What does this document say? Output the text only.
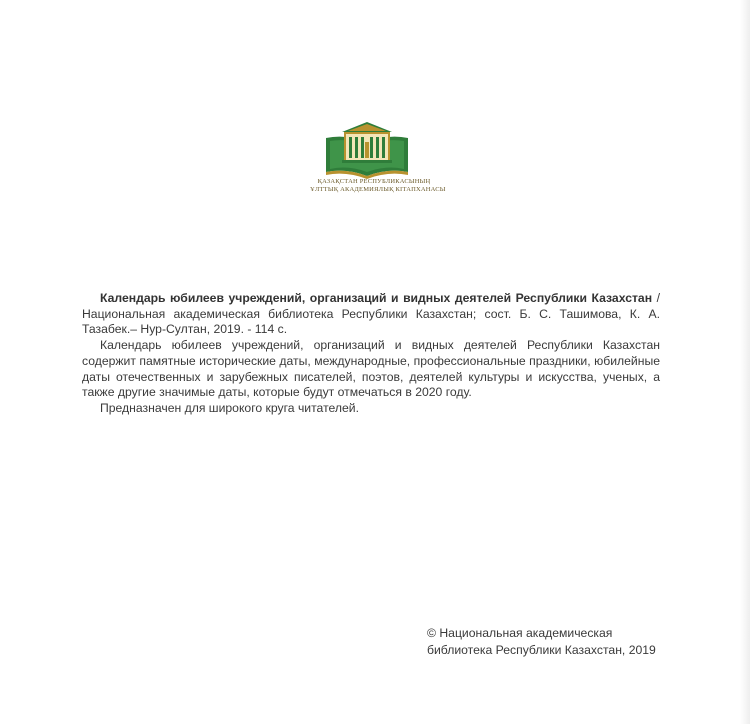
ҚАЗАҚСТАН РЕСПУБЛИКАСЫНЫҢ
ҰЛТТЫҚ АКАДЕМИЯЛЫҚ КІТАПХАНАСЫ

Календарь юбилеев учреждений, организаций и видных деятелей Республики Казахстан / Национальная академическая библиотека Республики Казахстан; сост. Б. С. Ташимова, К. А. Тазабек.– Нур-Султан, 2019. - 114 с.

Календарь юбилеев учреждений, организаций и видных деятелей Республики Казахстан содержит памятные исторические даты, международные, профессиональные праздники, юбилейные даты отечественных и зарубежных писателей, поэтов, деятелей культуры и искусства, ученых, а также другие значимые даты, которые будут отмечаться в 2020 году.

Предназначен для широкого круга читателей.

© Национальная академическая
библиотека Республики Казахстан, 2019
